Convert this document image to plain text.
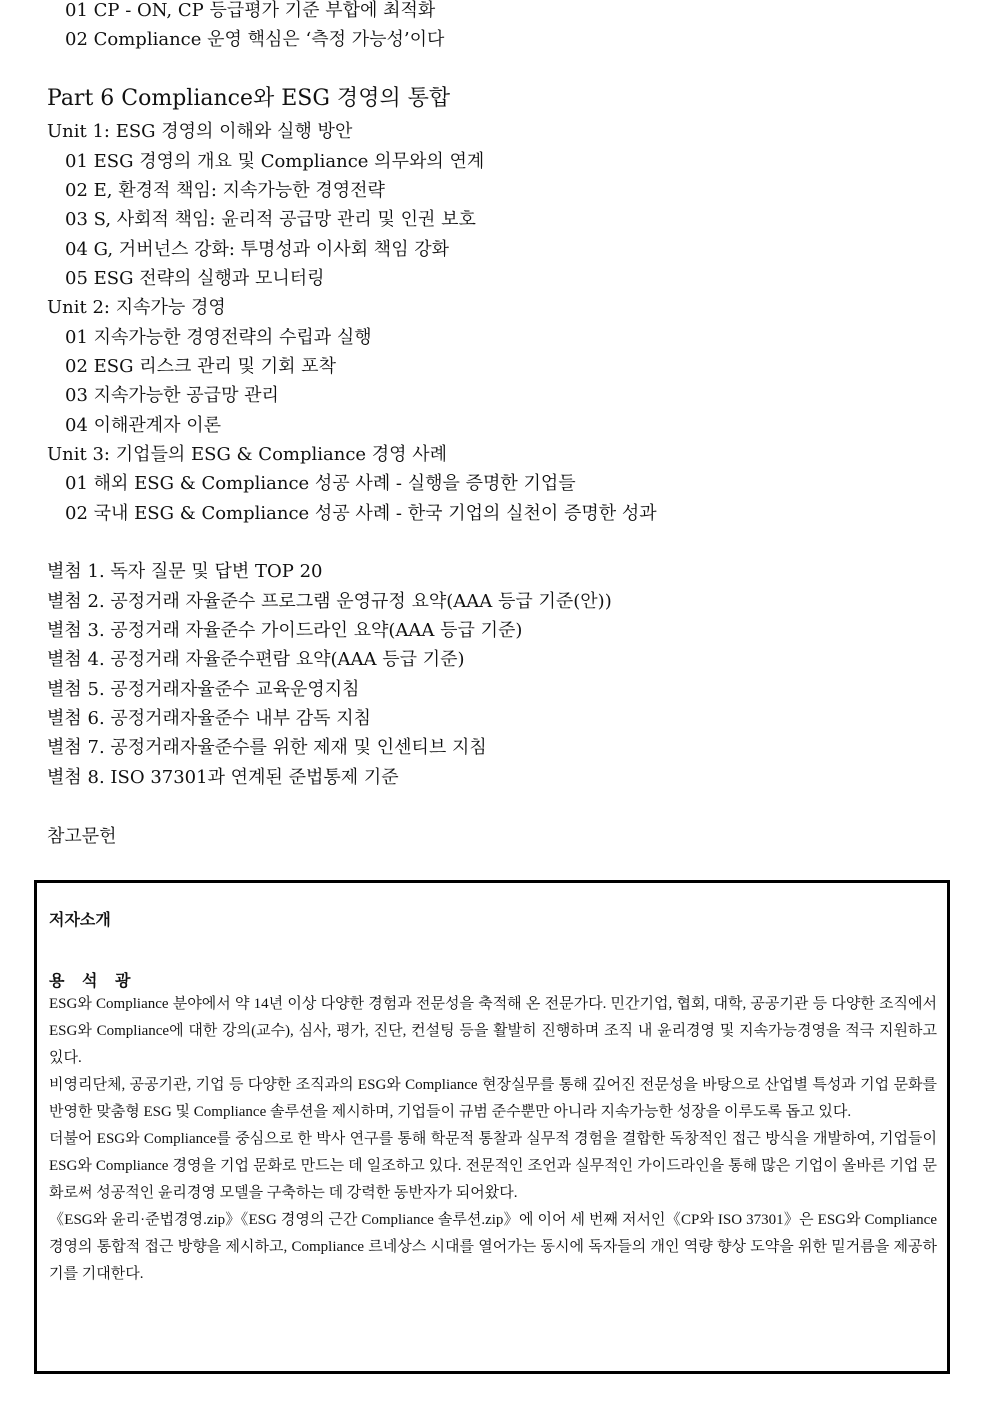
01 CP - ON, CP 등급평가 기준 부합에 최적화
02 Compliance 운영 핵심은 ‘측정 가능성’이다
Part 6 Compliance와 ESG 경영의 통합
Unit 1: ESG 경영의 이해와 실행 방안
01 ESG 경영의 개요 및 Compliance 의무와의 연계
02 E, 환경적 책임: 지속가능한 경영전략
03 S, 사회적 책임: 윤리적 공급망 관리 및 인권 보호
04 G, 거버넌스 강화: 투명성과 이사회 책임 강화
05 ESG 전략의 실행과 모니터링
Unit 2: 지속가능 경영
01 지속가능한 경영전략의 수립과 실행
02 ESG 리스크 관리 및 기회 포착
03 지속가능한 공급망 관리
04 이해관계자 이론
Unit 3: 기업들의 ESG & Compliance 경영 사례
01 해외 ESG & Compliance 성공 사례 - 실행을 증명한 기업들
02 국내 ESG & Compliance 성공 사례 - 한국 기업의 실천이 증명한 성과
별첨 1. 독자 질문 및 답변 TOP 20
별첨 2. 공정거래 자율준수 프로그램 운영규정 요약(AAA 등급 기준(안))
별첨 3. 공정거래 자율준수 가이드라인 요약(AAA 등급 기준)
별첨 4. 공정거래 자율준수편람 요약(AAA 등급 기준)
별첨 5. 공정거래자율준수 교육운영지침
별첨 6. 공정거래자율준수 내부 감독 지침
별첨 7. 공정거래자율준수를 위한 제재 및 인센티브 지침
별첨 8. ISO 37301과 연계된 준법통제 기준
참고문헌
저자소개
용 석 광

ESG와 Compliance 분야에서 약 14년 이상 다양한 경험과 전문성을 축적해 온 전문가다. 민간기업, 협회, 대학, 공공기관 등 다양한 조직에서 ESG와 Compliance에 대한 강의(교수), 심사, 평가, 진단, 컨설팅 등을 활발히 진행하며 조직 내 윤리경영 및 지속가능경영을 적극 지원하고 있다.

비영리단체, 공공기관, 기업 등 다양한 조직과의 ESG와 Compliance 현장실무를 통해 깊어진 전문성을 바탕으로 산업별 특성과 기업 문화를 반영한 맞춤형 ESG 및 Compliance 솔루션을 제시하며, 기업들이 규범 준수뿐만 아니라 지속가능한 성장을 이루도록 돕고 있다.

더불어 ESG와 Compliance를 중심으로 한 박사 연구를 통해 학문적 통찰과 실무적 경험을 결합한 독창적인 접근 방식을 개발하여, 기업들이 ESG와 Compliance 경영을 기업 문화로 만드는 데 일조하고 있다. 전문적인 조언과 실무적인 가이드라인을 통해 많은 기업이 올바른 기업 문화로써 성공적인 윤리경영 모델을 구축하는 데 강력한 동반자가 되어왔다.

《ESG와 윤리·준법경영.zip》《ESG 경영의 근간 Compliance 솔루션.zip》에 이어 세 번째 저서인《CP와 ISO 37301》은 ESG와 Compliance 경영의 통합적 접근 방향을 제시하고, Compliance 르네상스 시대를 열어가는 동시에 독자들의 개인 역량 향상 도약을 위한 밑거름을 제공하기를 기대한다.
